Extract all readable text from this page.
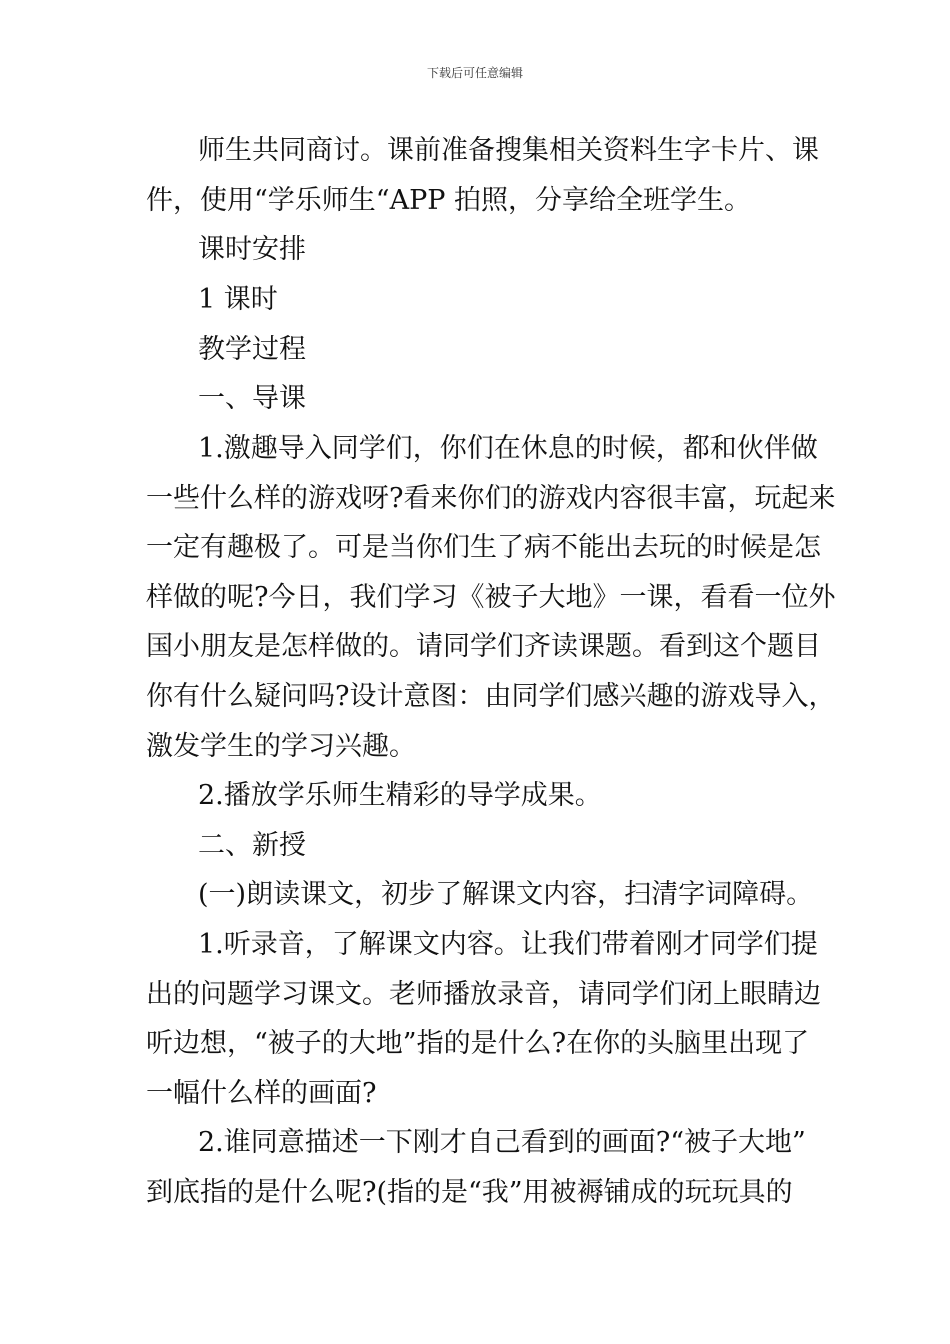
下载后可任意编辑
师生共同商讨。课前准备搜集相关资料生字卡片、课
件，使用“学乐师生“APP 拍照，分享给全班学生。
课时安排
1 课时
教学过程
一、导课
1.激趣导入同学们，你们在休息的时候，都和伙伴做
一些什么样的游戏呀?看来你们的游戏内容很丰富，玩起来
一定有趣极了。可是当你们生了病不能出去玩的时候是怎
样做的呢?今日，我们学习《被子大地》一课，看看一位外
国小朋友是怎样做的。请同学们齐读课题。看到这个题目
你有什么疑问吗?设计意图：由同学们感兴趣的游戏导入，
激发学生的学习兴趣。
2.播放学乐师生精彩的导学成果。
二、新授
(一)朗读课文，初步了解课文内容，扫清字词障碍。
1.听录音，了解课文内容。让我们带着刚才同学们提
出的问题学习课文。老师播放录音，请同学们闭上眼睛边
听边想，“被子的大地”指的是什么?在你的头脑里出现了
一幅什么样的画面?
2.谁同意描述一下刚才自己看到的画面?“被子大地”
到底指的是什么呢?(指的是“我”用被褥铺成的玩玩具的
